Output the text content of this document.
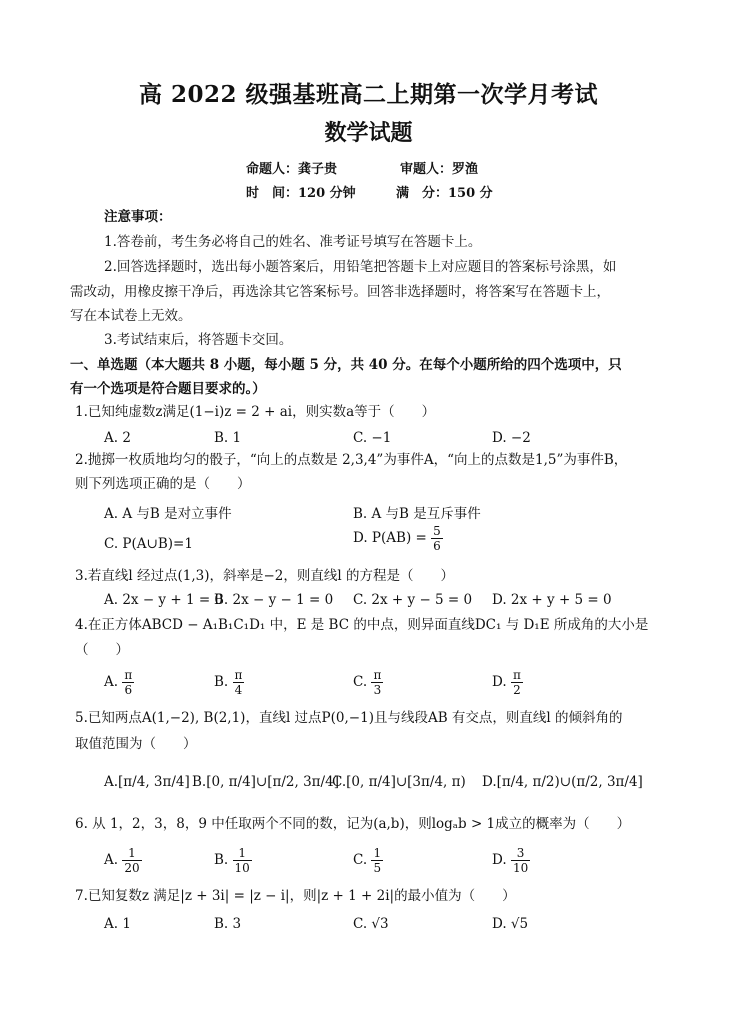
高 2022 级强基班高二上期第一次学月考试
数学试题
命题人：龚子贵	审题人：罗渔
时　间：120 分钟	满　分：150 分
注意事项：
1.答卷前，考生务必将自己的姓名、准考证号填写在答题卡上。
2.回答选择题时，选出每小题答案后，用铅笔把答题卡上对应题目的答案标号涂黑，如
需改动，用橡皮擦干净后，再选涂其它答案标号。回答非选择题时，将答案写在答题卡上，
写在本试卷上无效。
3.考试结束后，将答题卡交回。
一、单选题（本大题共 8 小题，每小题 5 分，共 40 分。在每个小题所给的四个选项中，只
有一个选项是符合题目要求的。）
1.已知纯虚数z满足(1−i)z = 2 + ai，则实数a等于（　　）
A. 2	B. 1	C. −1	D. −2
2.抛掷一枚质地均匀的骰子，“向上的点数是 2,3,4”为事件A，“向上的点数是1,5”为事件B，
则下列选项正确的是（　　）
A. A 与B 是对立事件	B. A 与B 是互斥事件
C. P(A∪B)=1	D. $P(AB) = \frac{5}{6}$
3.若直线l 经过点(1,3)，斜率是−2，则直线l 的方程是（　　）
A. 2x − y + 1 = 0
B. 2x − y − 1 = 0 C. 2x + y − 5 = 0 D. 2x + y + 5 = 0
4.在正方体ABCD − A₁B₁C₁D₁ 中，E 是 BC 的中点，则异面直线DC₁ 与 D₁E 所成角的大小是
（　　）
A. $\frac{\pi}{6}$	B. $\frac{\pi}{4}$	C. $\frac{\pi}{3}$	D. $\frac{\pi}{2}$
5.已知两点A(1,−2), B(2,1)，直线l 过点P(0,−1)且与线段AB 有交点，则直线l 的倾斜角的
取值范围为（　　）
A.[π/4, 3π/4] B.[0, π/4]∪[π/2, 3π/4]
C.[0, π/4]∪[3π/4, π) D.[π/4, π/2)∪(π/2, 3π/4]
6. 从 1，2，3，8，9 中任取两个不同的数，记为(a,b)，则logₐb > 1成立的概率为（　　）
A. $\frac{1}{20}$	B. $\frac{1}{10}$	C. $\frac{1}{5}$	D. $\frac{3}{10}$
7.已知复数z 满足|z + 3i| = |z − i|，则|z + 1 + 2i|的最小值为（　　）
A. 1	B. 3	C. √3	D. √5
